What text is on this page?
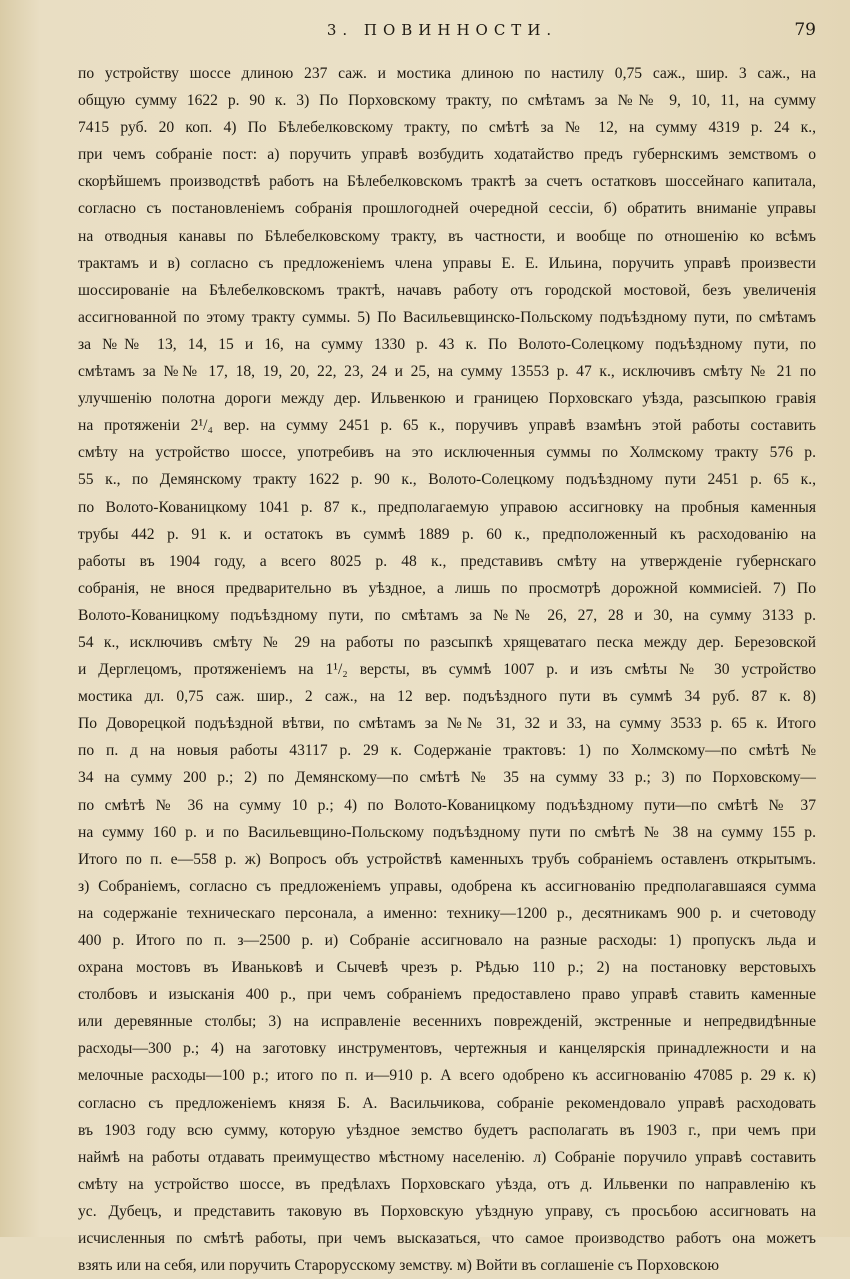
3. ПОВИННОСТИ.	79
по устройству шоссе длиною 237 саж. и мостика длиною по настилу 0,75 саж., шир. 3 саж., на
общую сумму 1622 р. 90 к. 3) По Порховскому тракту, по смѣтамъ за №№ 9, 10, 11, на сумму
7415 руб. 20 коп. 4) По Бѣлебелковскому тракту, по смѣтѣ за № 12, на сумму 4319 р. 24 к.,
при чемъ собраніе пост: а) поручить управѣ возбудить ходатайство предъ губернскимъ земствомъ о
скорѣйшемъ производствѣ работъ на Бѣлебелковскомъ трактѣ за счетъ остатковъ шоссейнаго капитала,
согласно съ постановленіемъ собранія прошлогодней очередной сессіи, б) обратить вниманіе управы
на отводныя канавы по Бѣлебелковскому тракту, въ частности, и вообще по отношенію ко всѣмъ
трактамъ и в) согласно съ предложеніемъ члена управы Е. Е. Ильина, поручить управѣ произвести
шоссированіе на Бѣлебелковскомъ трактѣ, начавъ работу отъ городской мостовой, безъ увеличенія
ассигнованной по этому тракту суммы. 5) По Васильевщинско-Польскому подъѣздному пути, по смѣтамъ
за №№ 13, 14, 15 и 16, на сумму 1330 р. 43 к. По Волото-Солецкому подъѣздному пути, по
смѣтамъ за №№ 17, 18, 19, 20, 22, 23, 24 и 25, на сумму 13553 р. 47 к., исключивъ смѣту № 21 по
улучшенію полотна дороги между дер. Ильвенкою и границею Порховскаго уѣзда, разсыпкою гравія
на протяженіи 2¹/₄ вер. на сумму 2451 р. 65 к., поручивъ управѣ взамѣнъ этой работы составить
смѣту на устройство шоссе, употребивъ на это исключенныя суммы по Холмскому тракту 576 р.
55 к., по Демянскому тракту 1622 р. 90 к., Волото-Солецкому подъѣздному пути 2451 р. 65 к.,
по Волото-Кованицкому 1041 р. 87 к., предполагаемую управою ассигновку на пробныя каменныя
трубы 442 р. 91 к. и остатокъ въ суммѣ 1889 р. 60 к., предположенный къ расходованію на
работы въ 1904 году, а всего 8025 р. 48 к., представивъ смѣту на утвержденіе губернскаго
собранія, не внося предварительно въ уѣздное, а лишь по просмотрѣ дорожной коммисіей. 7) По
Волото-Кованицкому подъѣздному пути, по смѣтамъ за №№ 26, 27, 28 и 30, на сумму 3133 р.
54 к., исключивъ смѣту № 29 на работы по разсыпкѣ хрящеватаго песка между дер. Березовской
и Дерглецомъ, протяженіемъ на 1¹/₂ версты, въ суммѣ 1007 р. и изъ смѣты № 30 устройство
мостика дл. 0,75 саж. шир., 2 саж., на 12 вер. подъѣздного пути въ суммѣ 34 руб. 87 к. 8)
По Доворецкой подъѣздной вѣтви, по смѣтамъ за №№ 31, 32 и 33, на сумму 3533 р. 65 к. Итого
по п. д на новыя работы 43117 р. 29 к. Содержаніе трактовъ: 1) по Холмскому—по смѣтѣ №
34 на сумму 200 р.; 2) по Демянскому—по смѣтѣ № 35 на сумму 33 р.; 3) по Порховскому—
по смѣтѣ № 36 на сумму 10 р.; 4) по Волото-Кованицкому подъѣздному пути—по смѣтѣ № 37
на сумму 160 р. и по Васильевщино-Польскому подъѣздному пути по смѣтѣ № 38 на сумму 155 р.
Итого по п. е—558 р. ж) Вопросъ объ устройствѣ каменныхъ трубъ собраніемъ оставленъ открытымъ.
з) Собраніемъ, согласно съ предложеніемъ управы, одобрена къ ассигнованію предполагавшаяся сумма
на содержаніе техническаго персонала, а именно: технику—1200 р., десятникамъ 900 р. и счетоводу
400 р. Итого по п. з—2500 р. и) Собраніе ассигновало на разные расходы: 1) пропускъ льда и
охрана мостовъ въ Иваньковѣ и Сычевѣ чрезъ р. Рѣдью 110 р.; 2) на постановку верстовыхъ
столбовъ и изысканія 400 р., при чемъ собраніемъ предоставлено право управѣ ставить каменные
или деревянные столбы; 3) на исправленіе весеннихъ поврежденій, экстренные и непредвидѣнные
расходы—300 р.; 4) на заготовку инструментовъ, чертежныя и канцелярскія принадлежности и на
мелочные расходы—100 р.; итого по п. и—910 р. А всего одобрено къ ассигнованію 47085 р. 29 к. к)
согласно съ предложеніемъ князя Б. А. Васильчикова, собраніе рекомендовало управѣ расходовать
въ 1903 году всю сумму, которую уѣздное земство будетъ располагать въ 1903 г., при чемъ при
наймѣ на работы отдавать преимущество мѣстному населенію. л) Собраніе поручило управѣ составить
смѣту на устройство шоссе, въ предѣлахъ Порховскаго уѣзда, отъ д. Ильвенки по направленію къ
ус. Дубецъ, и представить таковую въ Порховскую уѣздную управу, съ просьбою ассигновать на
исчисленныя по смѣтѣ работы, при чемъ высказаться, что самое производство работъ она можетъ
взять или на себя, или поручить Старорусскому земству. м) Войти въ соглашеніе съ Порховскою
